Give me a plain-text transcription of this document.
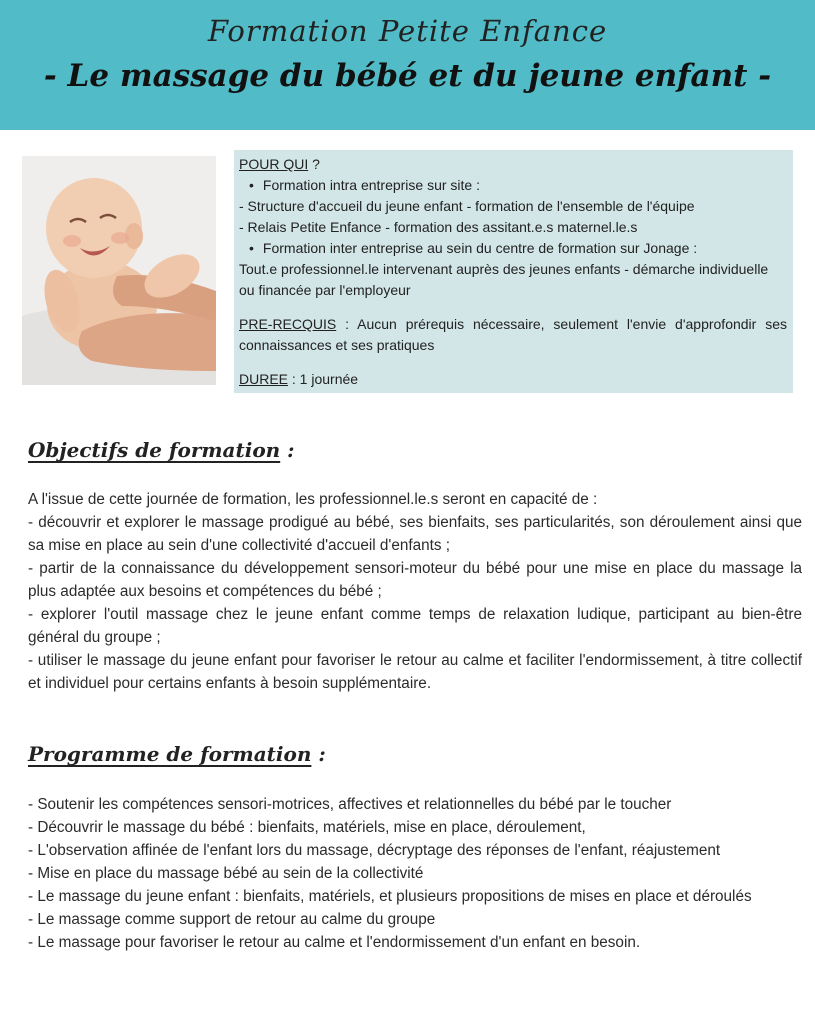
Formation Petite Enfance
- Le massage du bébé et du jeune enfant -

POUR QUI ?

• Formation intra entreprise sur site :

- Structure d'accueil du jeune enfant - formation de l'ensemble de l'équipe

- Relais Petite Enfance - formation des assitant.e.s maternel.le.s

• Formation inter entreprise au sein du centre de formation sur Jonage :

Tout.e professionnel.le intervenant auprès des jeunes enfants - démarche individuelle ou financée par l'employeur

PRE-RECQUIS : Aucun prérequis nécessaire, seulement l'envie d'approfondir ses connaissances et ses pratiques

DUREE : 1 journée

Objectifs de formation :

A l'issue de cette journée de formation, les professionnel.le.s seront en capacité de :

- découvrir et explorer le massage prodigué au bébé, ses bienfaits, ses particularités, son déroulement ainsi que sa mise en place au sein d'une collectivité d'accueil d'enfants ;

- partir de la connaissance du développement sensori-moteur du bébé pour une mise en place du massage la plus adaptée aux besoins et compétences du bébé ;

- explorer l'outil massage chez le jeune enfant comme temps de relaxation ludique, participant au bien-être général du groupe ;

- utiliser le massage du jeune enfant pour favoriser le retour au calme et faciliter l'endormissement, à titre collectif et individuel pour certains enfants à besoin supplémentaire.

Programme de formation :

- Soutenir les compétences sensori-motrices, affectives et relationnelles du bébé par le toucher

- Découvrir le massage du bébé : bienfaits, matériels, mise en place, déroulement,

- L'observation affinée de l'enfant lors du massage, décryptage des réponses de l'enfant, réajustement

- Mise en place du massage bébé au sein de la collectivité

- Le massage du jeune enfant : bienfaits, matériels, et plusieurs propositions de mises en place et déroulés

- Le massage comme support de retour au calme du groupe

- Le massage pour favoriser le retour au calme et l'endormissement d'un enfant en besoin.
